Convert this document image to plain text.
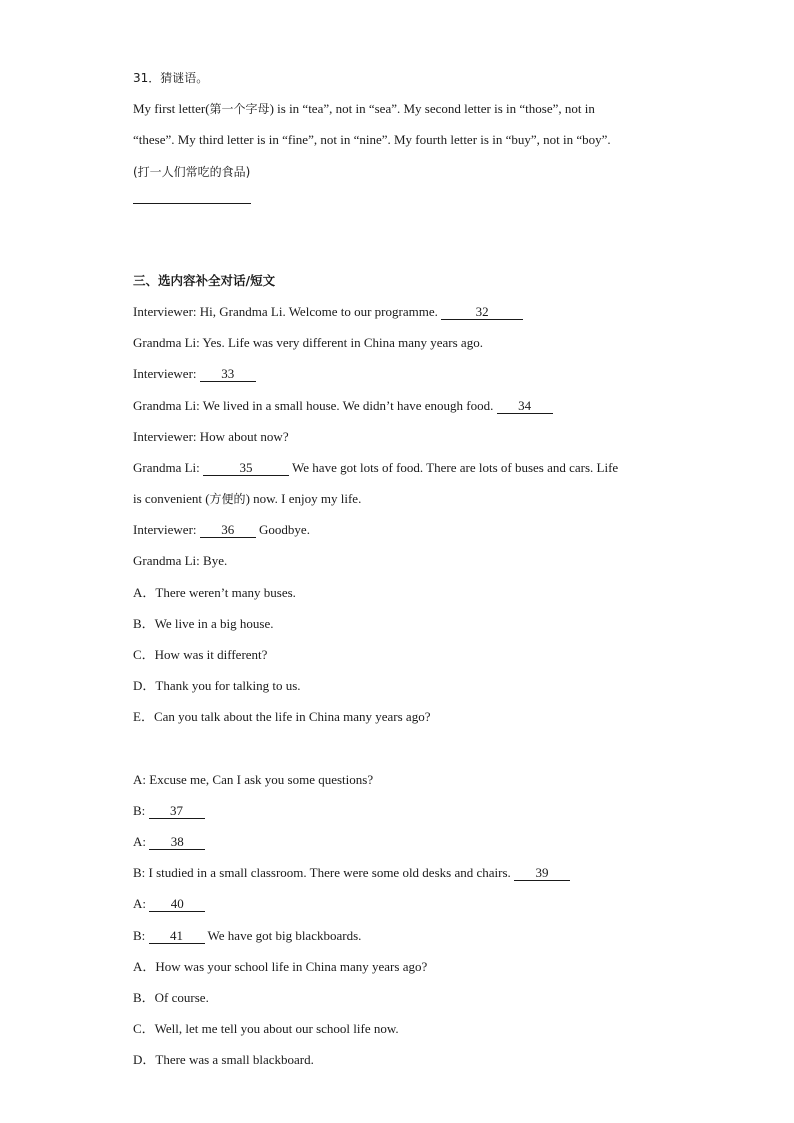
31．猜谜语。
My first letter(第一个字母) is in “tea”, not in “sea”. My second letter is in “those”, not in
“these”. My third letter is in “fine”, not in “nine”. My fourth letter is in “buy”, not in “boy”.
(打一人们常吃的食品)
三、选内容补全对话/短文
Interviewer: Hi, Grandma Li. Welcome to our programme.	32
Grandma Li: Yes. Life was very different in China many years ago.
Interviewer: 33
Grandma Li: We lived in a small house. We didn’t have enough food. 34
Interviewer: How about now?
Grandma Li:	35	We have got lots of food. There are lots of buses and cars. Life
is convenient (方便的) now. I enjoy my life.
Interviewer: 36 Goodbye.
Grandma Li: Bye.
A．There weren’t many buses.
B．We live in a big house.
C．How was it different?
D．Thank you for talking to us.
E．Can you talk about the life in China many years ago?
A: Excuse me, Can I ask you some questions?
B: 37
A: 38
B: I studied in a small classroom. There were some old desks and chairs. 39
A: 40
B: 41 We have got big blackboards.
A．How was your school life in China many years ago?
B．Of course.
C．Well, let me tell you about our school life now.
D．There was a small blackboard.
